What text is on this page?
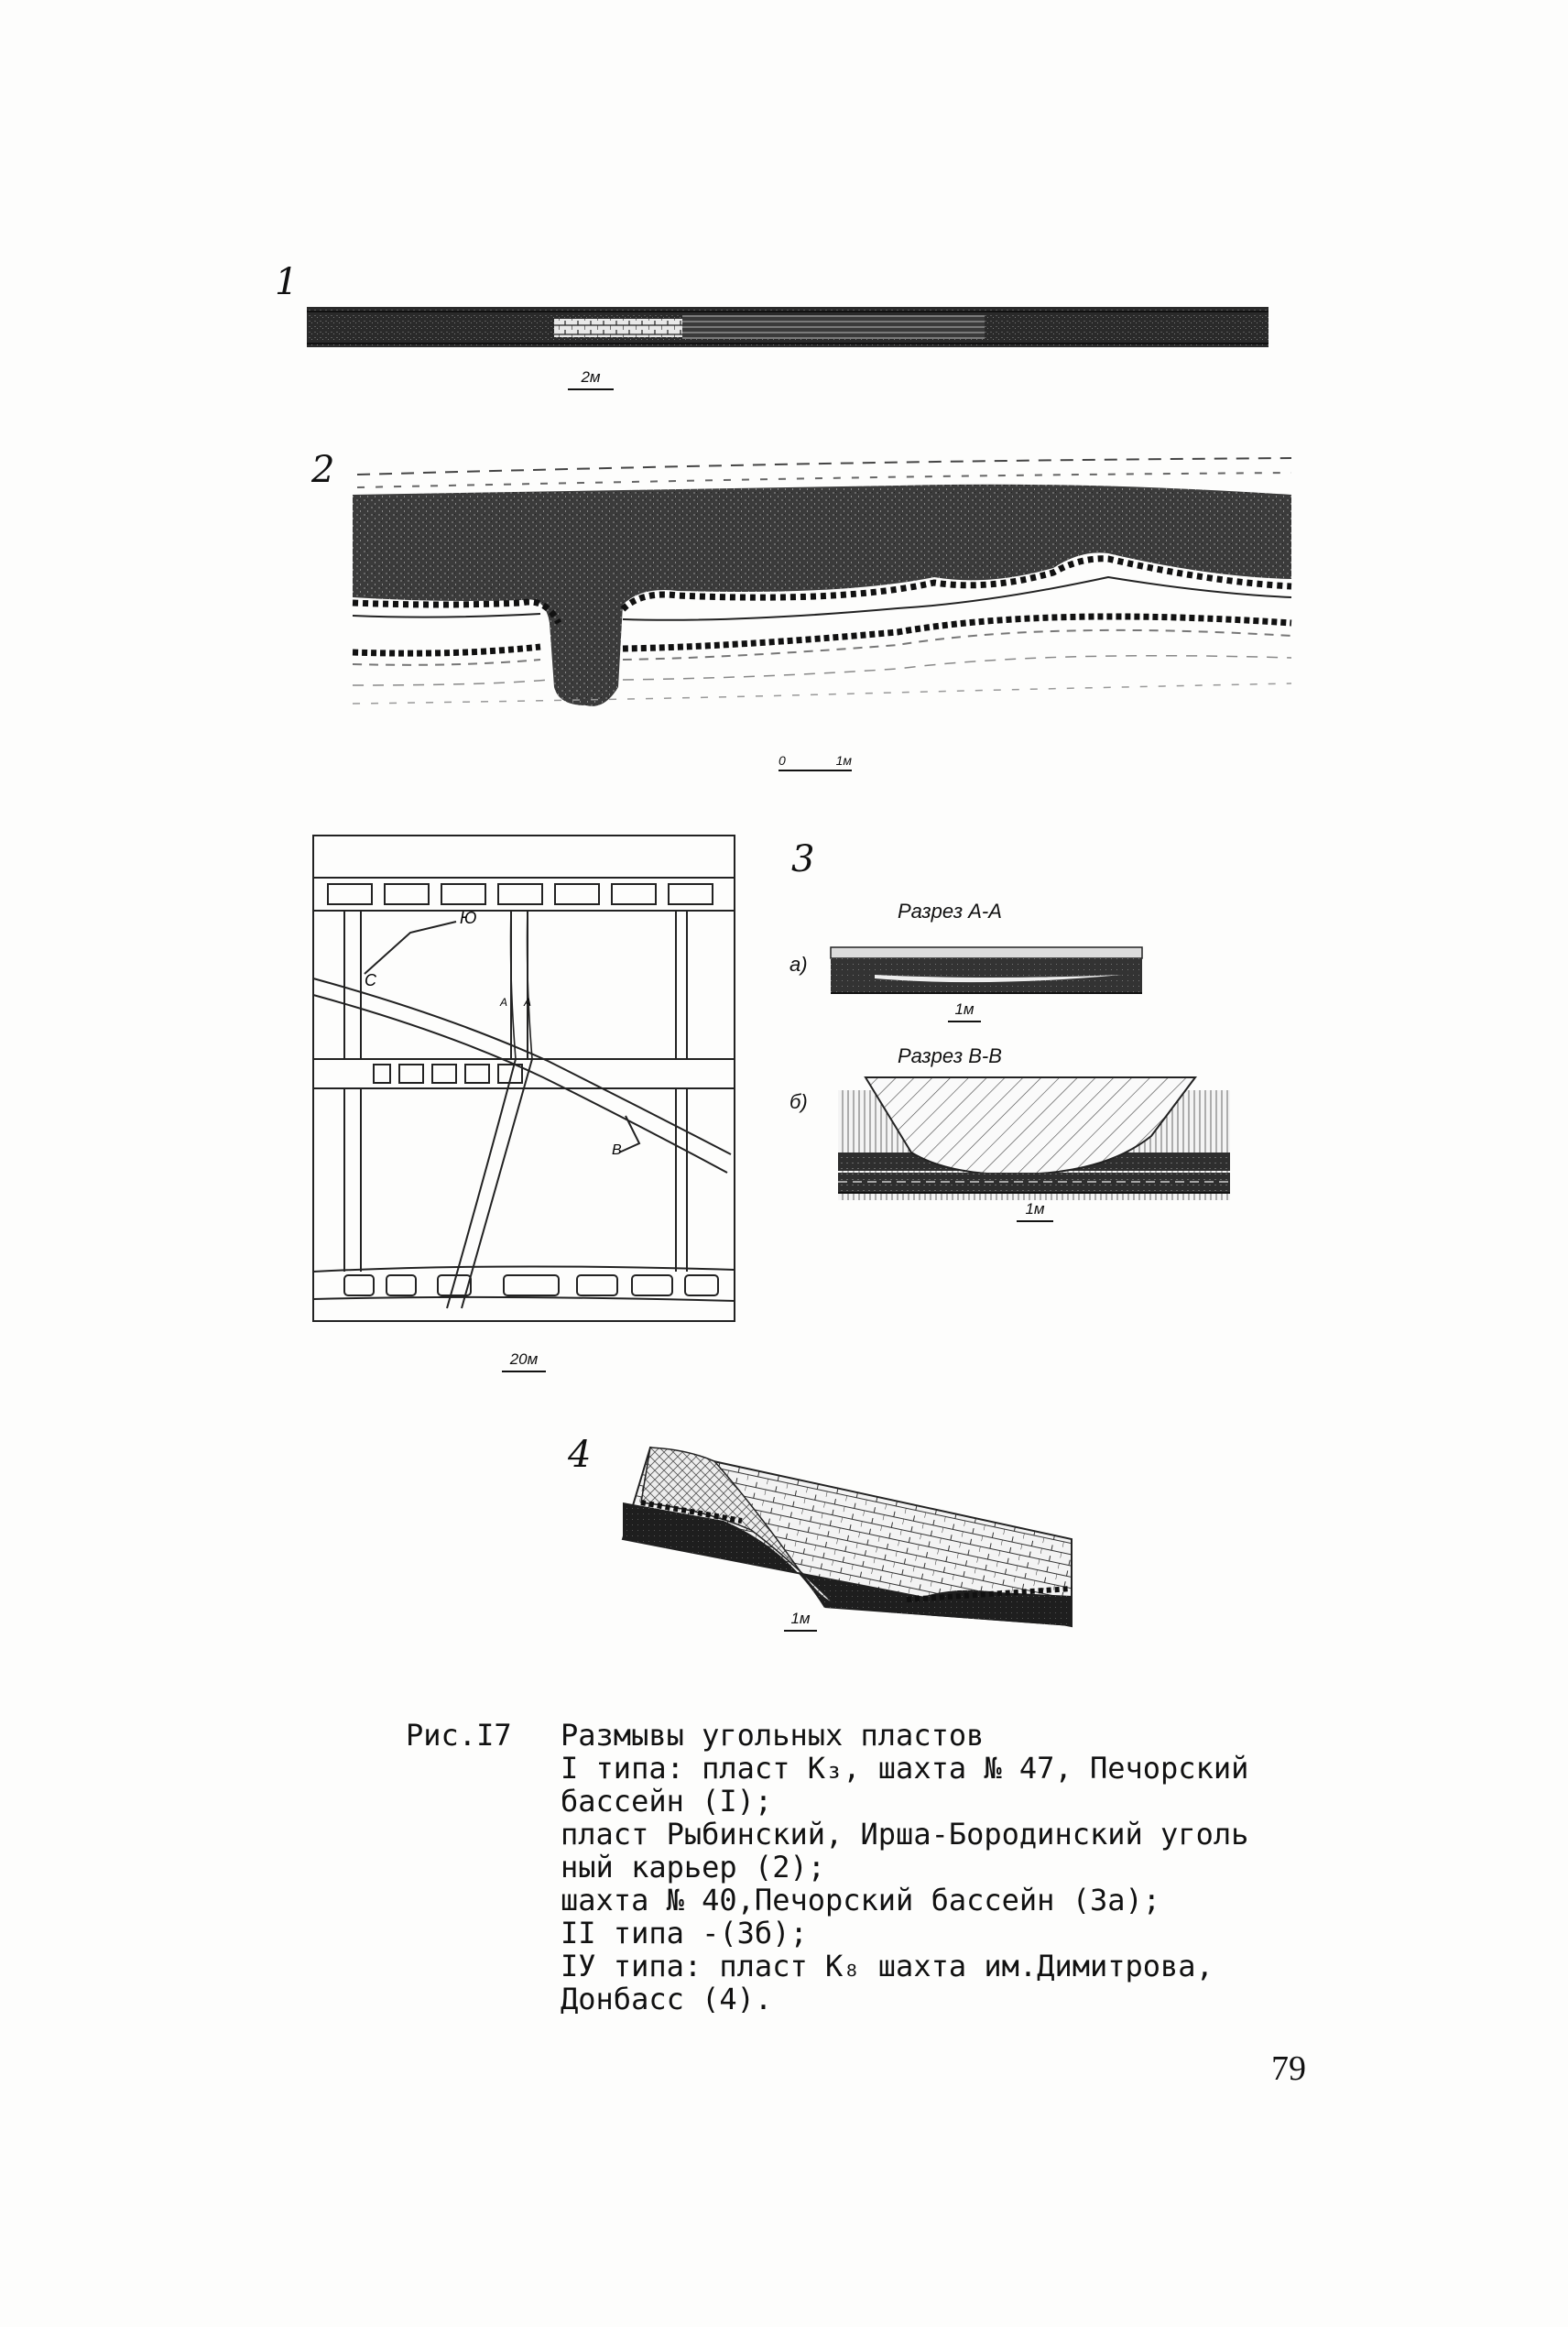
1
2м
2
0	1м
Ю
С
А А
В
20м
3
Разрез А-А
а)
1м
Разрез В-В
б)
1м
4
1м
Рис.I7 Размывы угольных пластов
I типа: пласт К₃, шахта № 47, Печорский
бассейн (I);
пласт Рыбинский, Ирша-Бородинский уголь
ный карьер (2);
шахта № 40,Печорский бассейн (3а);
II типа -(3б);
IУ типа: пласт К₈ шахта им.Димитрова,
Донбасс (4).
79
